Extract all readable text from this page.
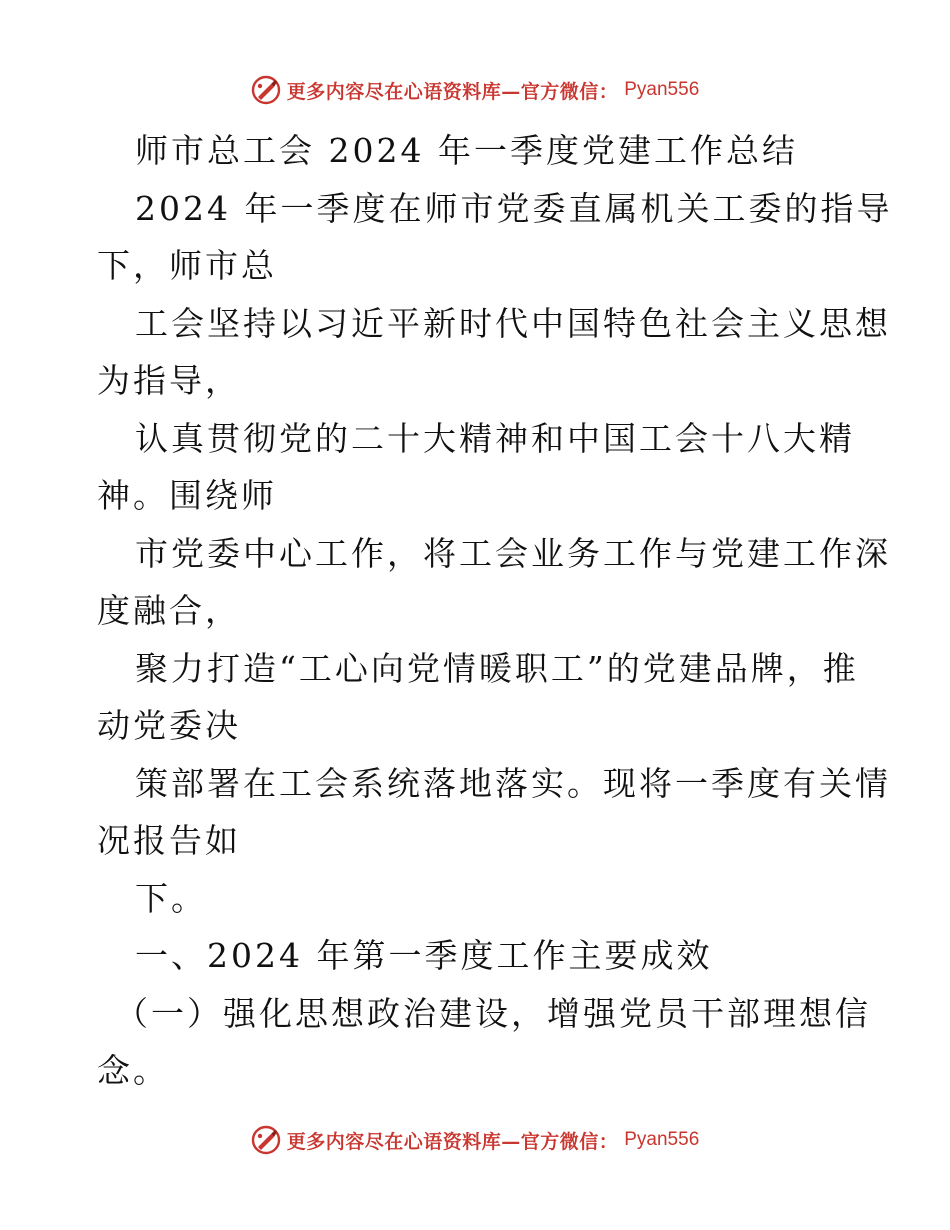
更多内容尽在心语资料库—官方微信： Pyan556
师市总工会 2024 年一季度党建工作总结
2024 年一季度在师市党委直属机关工委的指导
下，师市总
工会坚持以习近平新时代中国特色社会主义思想
为指导，
认真贯彻党的二十大精神和中国工会十八大精
神。围绕师
市党委中心工作，将工会业务工作与党建工作深
度融合，
聚力打造“工心向党情暖职工”的党建品牌，推
动党委决
策部署在工会系统落地落实。现将一季度有关情
况报告如
下。
一、2024 年第一季度工作主要成效
（一）强化思想政治建设，增强党员干部理想信
念。
更多内容尽在心语资料库—官方微信： Pyan556
